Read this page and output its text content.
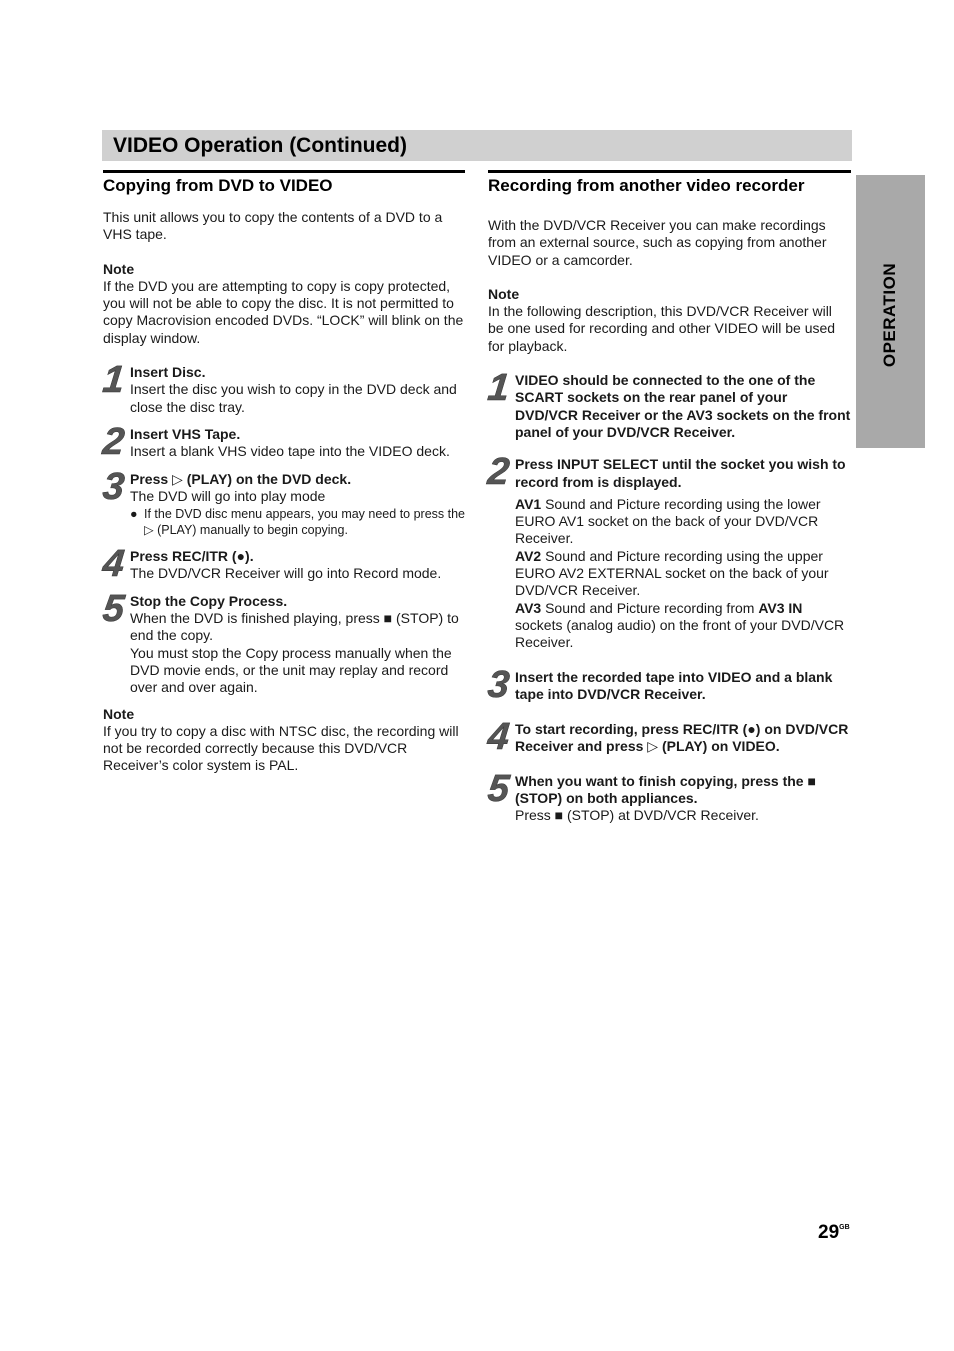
VIDEO Operation (Continued)
OPERATION
Copying from DVD to VIDEO

This unit allows you to copy the contents of a DVD to a VHS tape.

Note

If the DVD you are attempting to copy is copy protected, you will not be able to copy the disc. It is not permitted to copy Macrovision encoded DVDs. “LOCK” will blink on the display window.

1 Insert Disc.

Insert the disc you wish to copy in the DVD deck and close the disc tray.

2 Insert VHS Tape.

Insert a blank VHS video tape into the VIDEO deck.

3 Press ▷ (PLAY) on the DVD deck.

The DVD will go into play mode

● If the DVD disc menu appears, you may need to press the ▷ (PLAY) manually to begin copying.

4 Press REC/ITR (●).

The DVD/VCR Receiver will go into Record mode.

5 Stop the Copy Process.

When the DVD is finished playing, press ■ (STOP) to end the copy.

You must stop the Copy process manually when the DVD movie ends, or the unit may replay and record over and over again.

Note

If you try to copy a disc with NTSC disc, the recording will not be recorded correctly because this DVD/VCR Receiver’s color system is PAL.

Recording from another video recorder

With the DVD/VCR Receiver you can make recordings from an external source, such as copying from another VIDEO or a camcorder.

Note

In the following description, this DVD/VCR Receiver will be one used for recording and other VIDEO will be used for playback.

1 VIDEO should be connected to the one of the SCART sockets on the rear panel of your DVD/VCR Receiver or the AV3 sockets on the front panel of your DVD/VCR Receiver.

2 Press INPUT SELECT until the socket you wish to record from is displayed.

AV1 Sound and Picture recording using the lower EURO AV1 socket on the back of your DVD/VCR Receiver.

AV2 Sound and Picture recording using the upper EURO AV2 EXTERNAL socket on the back of your DVD/VCR Receiver.

AV3 Sound and Picture recording from AV3 IN sockets (analog audio) on the front of your DVD/VCR Receiver.

3 Insert the recorded tape into VIDEO and a blank tape into DVD/VCR Receiver.

4 To start recording, press REC/ITR (●) on DVD/VCR Receiver and press ▷ (PLAY) on VIDEO.

5 When you want to finish copying, press the ■ (STOP) on both appliances.

Press ■ (STOP) at DVD/VCR Receiver.

$29^{GB}$
